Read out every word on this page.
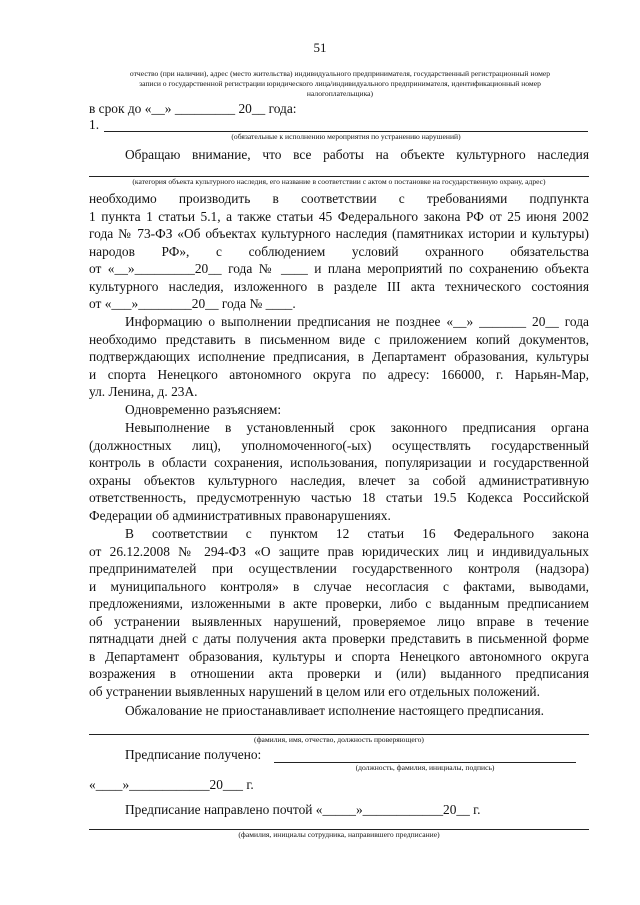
51
отчество (при наличии), адрес (место жительства) индивидуального предпринимателя, государственный регистрационный номер
записи о государственной регистрации юридического лица/индивидуального предпринимателя, идентификационный номер
налогоплательщика)
в срок до «__» _________ 20__ года:
1.
(обязательные к исполнению мероприятия по устранению нарушений)
Обращаю внимание, что все работы на объекте культурного наследия
(категория объекта культурного наследия, его название в соответствии с актом о постановке на государственную охрану, адрес)
необходимо производить в соответствии с требованиями подпункта
1 пункта 1 статьи 5.1, а также статьи 45 Федерального закона РФ от 25 июня 2002
года № 73-ФЗ «Об объектах культурного наследия (памятниках истории и культуры)
народов РФ», с соблюдением условий охранного обязательства
от «__»_________20__ года № ____ и плана мероприятий по сохранению объекта
культурного наследия, изложенного в разделе III акта технического состояния
от «___»________20__ года № ____.
Информацию о выполнении предписания не позднее «__» _______ 20__ года
необходимо представить в письменном виде с приложением копий документов,
подтверждающих исполнение предписания, в Департамент образования, культуры
и спорта Ненецкого автономного округа по адресу: 166000, г. Нарьян-Мар,
ул. Ленина, д. 23А.
Одновременно разъясняем:
Невыполнение в установленный срок законного предписания органа
(должностных лиц), уполномоченного(-ых) осуществлять государственный
контроль в области сохранения, использования, популяризации и государственной
охраны объектов культурного наследия, влечет за собой административную
ответственность, предусмотренную частью 18 статьи 19.5 Кодекса Российской
Федерации об административных правонарушениях.
В соответствии с пунктом 12 статьи 16 Федерального закона
от 26.12.2008 № 294-ФЗ «О защите прав юридических лиц и индивидуальных
предпринимателей при осуществлении государственного контроля (надзора)
и муниципального контроля» в случае несогласия с фактами, выводами,
предложениями, изложенными в акте проверки, либо с выданным предписанием
об устранении выявленных нарушений, проверяемое лицо вправе в течение
пятнадцати дней с даты получения акта проверки представить в письменной форме
в Департамент образования, культуры и спорта Ненецкого автономного округа
возражения в отношении акта проверки и (или) выданного предписания
об устранении выявленных нарушений в целом или его отдельных положений.
Обжалование не приостанавливает исполнение настоящего предписания.
(фамилия, имя, отчество, должность проверяющего)
Предписание получено:
(должность, фамилия, инициалы, подпись)
«____»____________20___ г.
Предписание направлено почтой «_____»____________20__ г.
(фамилия, инициалы сотрудника, направившего предписание)
